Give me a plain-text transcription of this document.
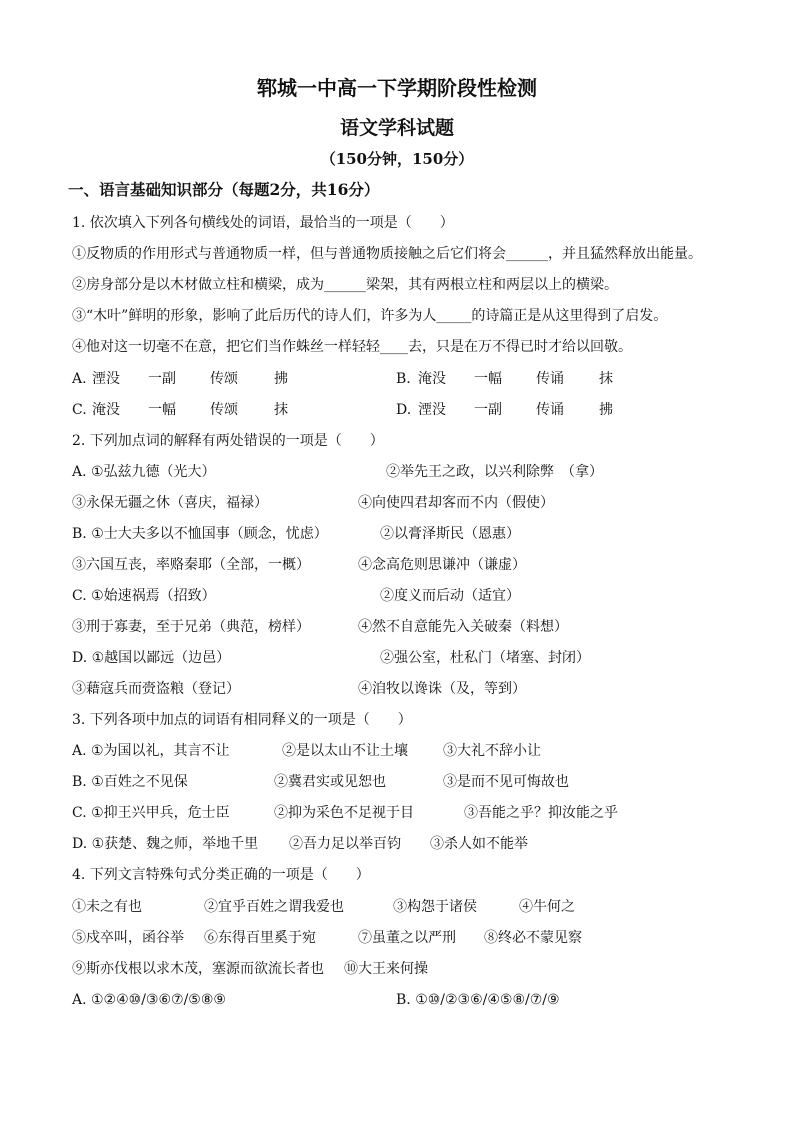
郓城一中高一下学期阶段性检测
语文学科试题
（150分钟，150分）
一、语言基础知识部分（每题2分，共16分）
1. 依次填入下列各句横线处的词语，最恰当的一项是（　　）
①反物质的作用形式与普通物质一样，但与普通物质接触之后它们将会______，并且猛然释放出能量。
②房身部分是以木材做立柱和横梁，成为______梁架，其有两根立柱和两层以上的横梁。
③“木叶”鲜明的形象，影响了此后历代的诗人们，许多为人_____的诗篇正是从这里得到了启发。
④他对这一切毫不在意，把它们当作蛛丝一样轻轻____去，只是在万不得已时才给以回敬。
A. 湮没 一副 传颂	拂	B. 淹没 一幅 传诵	抹
C. 淹没 一幅 传颂	抹	D. 湮没 一副 传诵	拂
2. 下列加点词的解释有两处错误的一项是（　　）
A. ①弘兹九德（光大）	②举先王之政，以兴利除弊　（拿）
③永保无疆之休（喜庆，福禄）	④向使四君却客而不内（假使）
B. ①士大夫多以不恤国事（顾念，忧虑）	②以膏泽斯民（恩惠）
③六国互丧，率赂秦耶（全部，一概）	④念高危则思谦冲（谦虚）
C. ①始速祸焉（招致）	②度义而后动（适宜）
③刑于寡妻，至于兄弟（典范，榜样）	④然不自意能先入关破秦（料想）
D. ①越国以鄙远（边邑）	②强公室，杜私门（堵塞、封闭）
③藉寇兵而赍盗粮（登记）	④洎牧以谗诛（及，等到）
3. 下列各项中加点的词语有相同释义的一项是（　　）
A. ①为国以礼，其言不让	②是以太山不让土壤	③大礼不辞小让
B. ①百姓之不见保	②冀君实或见恕也	③是而不见可悔故也
C. ①抑王兴甲兵，危士臣	②抑为采色不足视于目	③吾能之乎？抑汝能之乎
D. ①获楚、魏之师，举地千里 ②吾力足以举百钧 ③杀人如不能举
4. 下列文言特殊句式分类正确的一项是（　　）
①未之有也	②宜乎百姓之谓我爱也	③构怨于诸侯	④牛何之
⑤戍卒叫，函谷举 ⑥东得百里奚于宛	⑦虽董之以严刑 ⑧终必不蒙见察
⑨斯亦伐根以求木茂，塞源而欲流长者也 ⑩大王来何操
A. ①②④⑩/③⑥⑦/⑤⑧⑨	B. ①⑩/②③⑥/④⑤⑧/⑦/⑨
